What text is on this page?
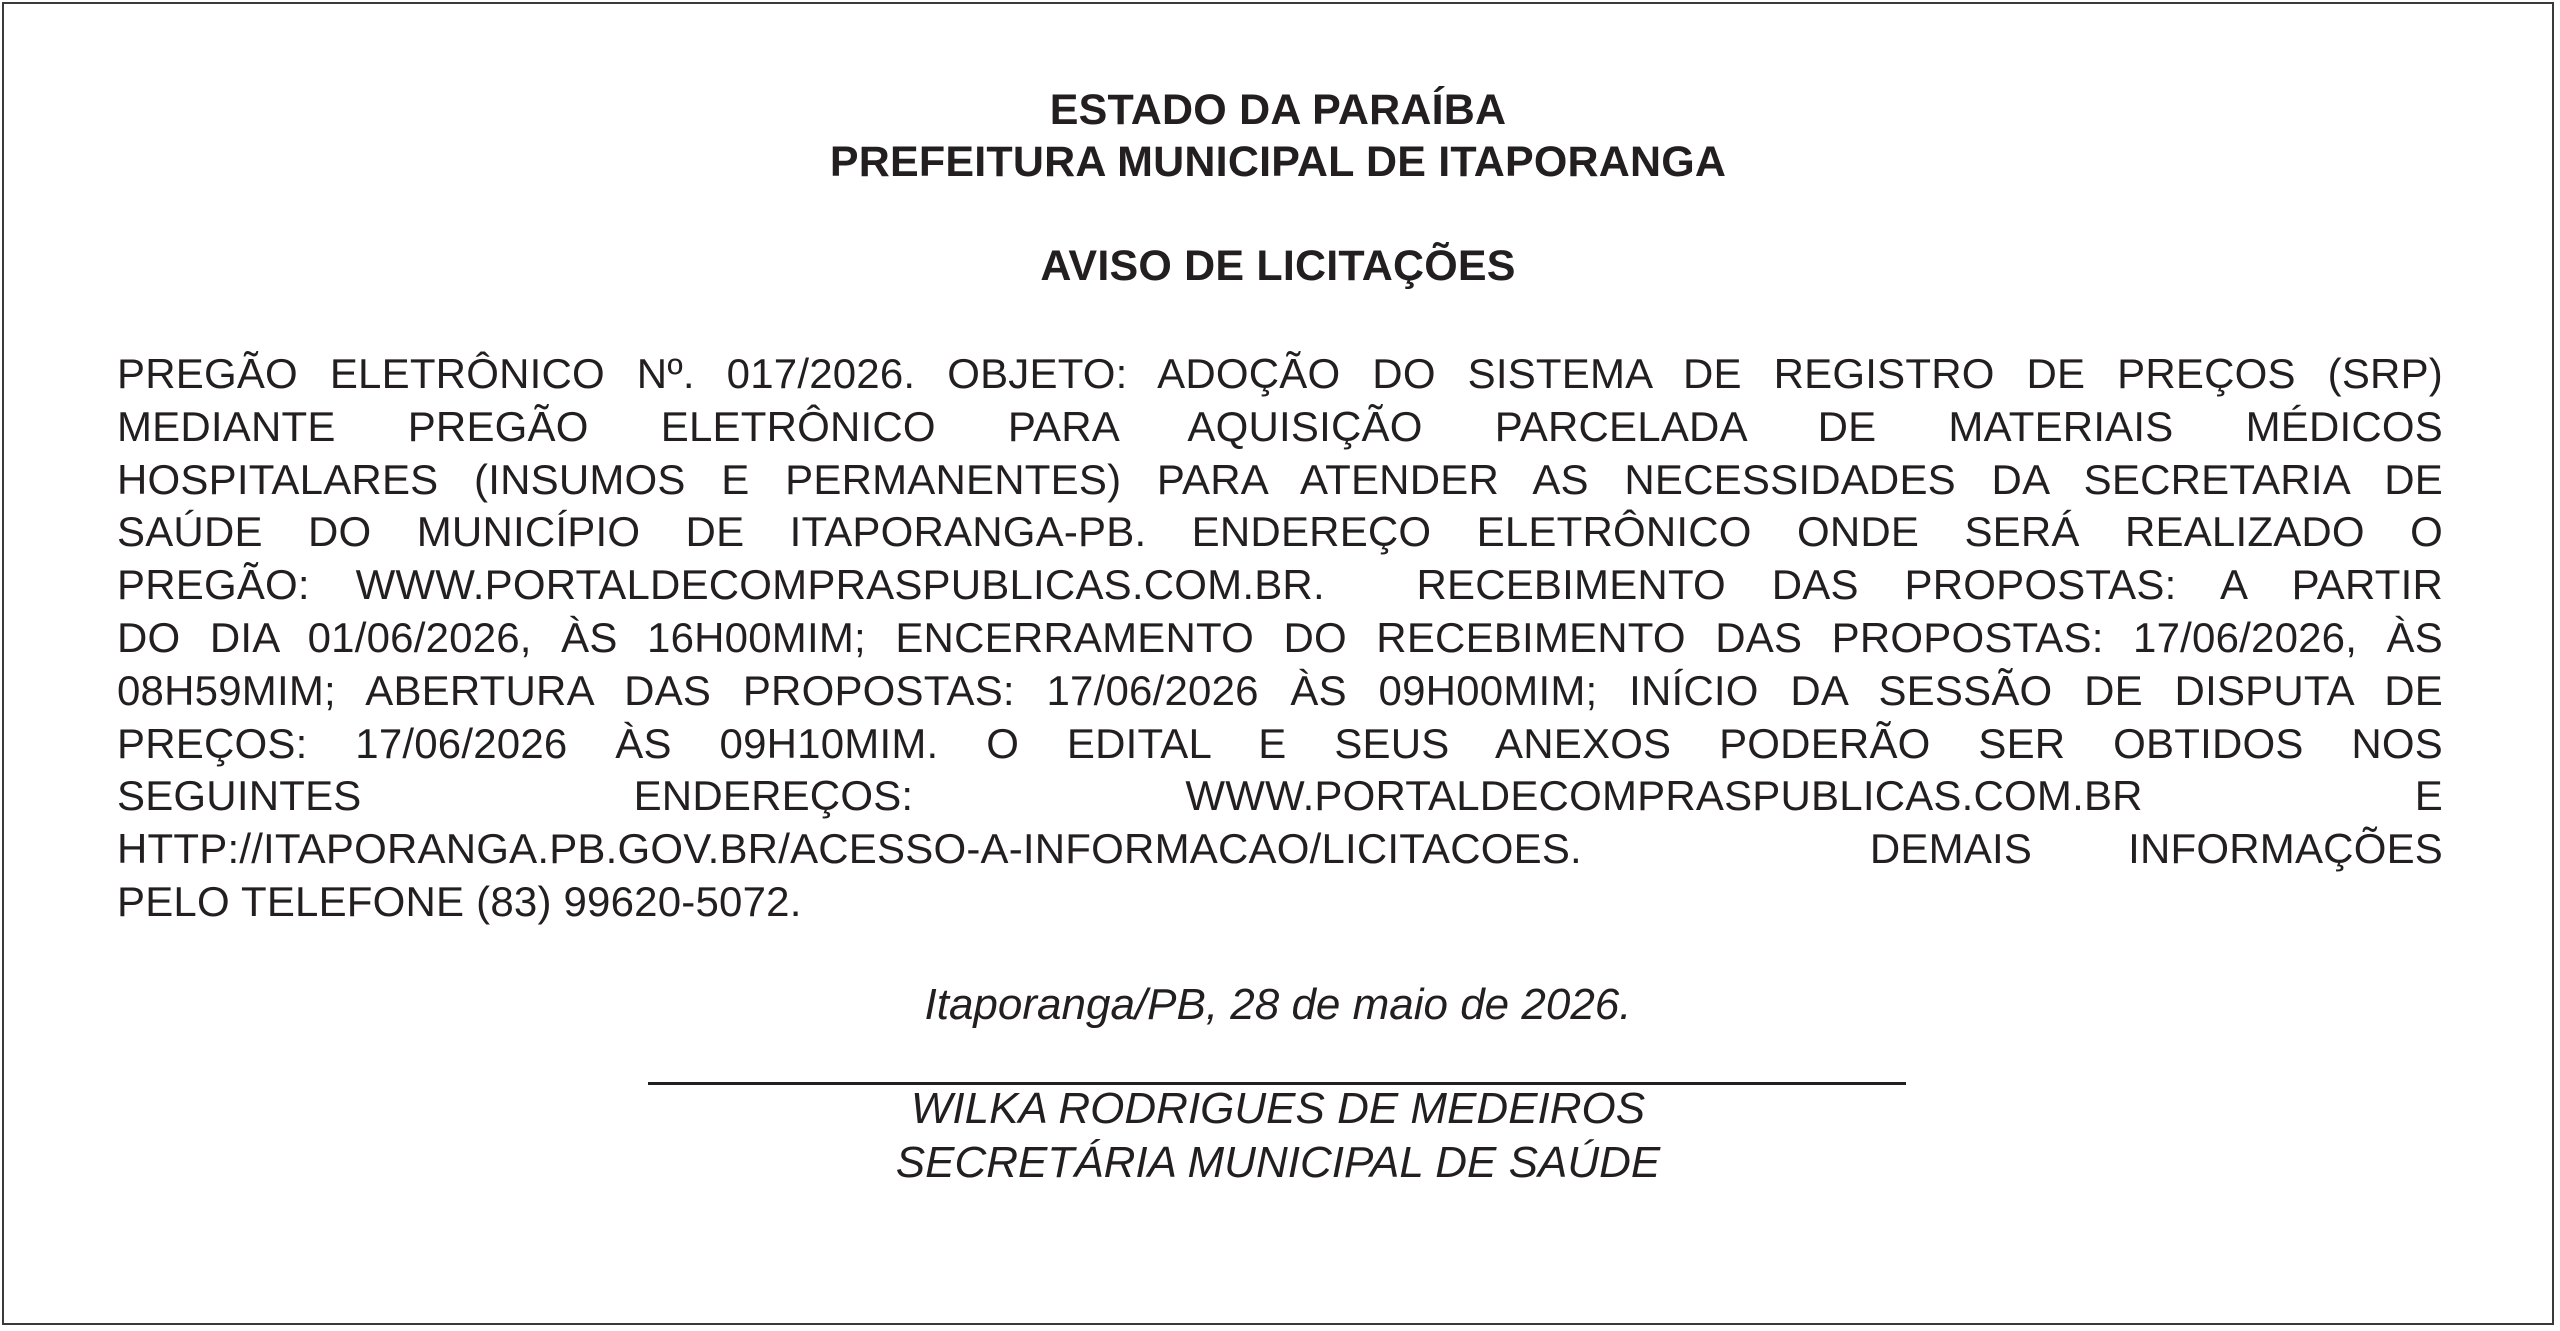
ESTADO DA PARAÍBA
PREFEITURA MUNICIPAL DE ITAPORANGA
AVISO DE LICITAÇÕES
PREGÃO ELETRÔNICO Nº. 017/2026. OBJETO: ADOÇÃO DO SISTEMA DE REGISTRO DE PREÇOS (SRP)
MEDIANTE PREGÃO ELETRÔNICO PARA AQUISIÇÃO PARCELADA DE MATERIAIS MÉDICOS
HOSPITALARES (INSUMOS E PERMANENTES) PARA ATENDER AS NECESSIDADES DA SECRETARIA DE
SAÚDE DO MUNICÍPIO DE ITAPORANGA-PB. ENDEREÇO ELETRÔNICO ONDE SERÁ REALIZADO O
PREGÃO: WWW.PORTALDECOMPRASPUBLICAS.COM.BR.  RECEBIMENTO DAS PROPOSTAS: A PARTIR
DO DIA 01/06/2026, ÀS 16H00MIM; ENCERRAMENTO DO RECEBIMENTO DAS PROPOSTAS: 17/06/2026, ÀS
08H59MIM; ABERTURA DAS PROPOSTAS: 17/06/2026 ÀS 09H00MIM; INÍCIO DA SESSÃO DE DISPUTA DE
PREÇOS: 17/06/2026 ÀS 09H10MIM. O EDITAL E SEUS ANEXOS PODERÃO SER OBTIDOS NOS
SEGUINTES ENDEREÇOS: WWW.PORTALDECOMPRASPUBLICAS.COM.BR E
HTTP://ITAPORANGA.PB.GOV.BR/ACESSO-A-INFORMACAO/LICITACOES.   DEMAIS INFORMAÇÕES
PELO TELEFONE (83) 99620-5072.
Itaporanga/PB, 28 de maio de 2026.
WILKA RODRIGUES DE MEDEIROS
SECRETÁRIA MUNICIPAL DE SAÚDE
